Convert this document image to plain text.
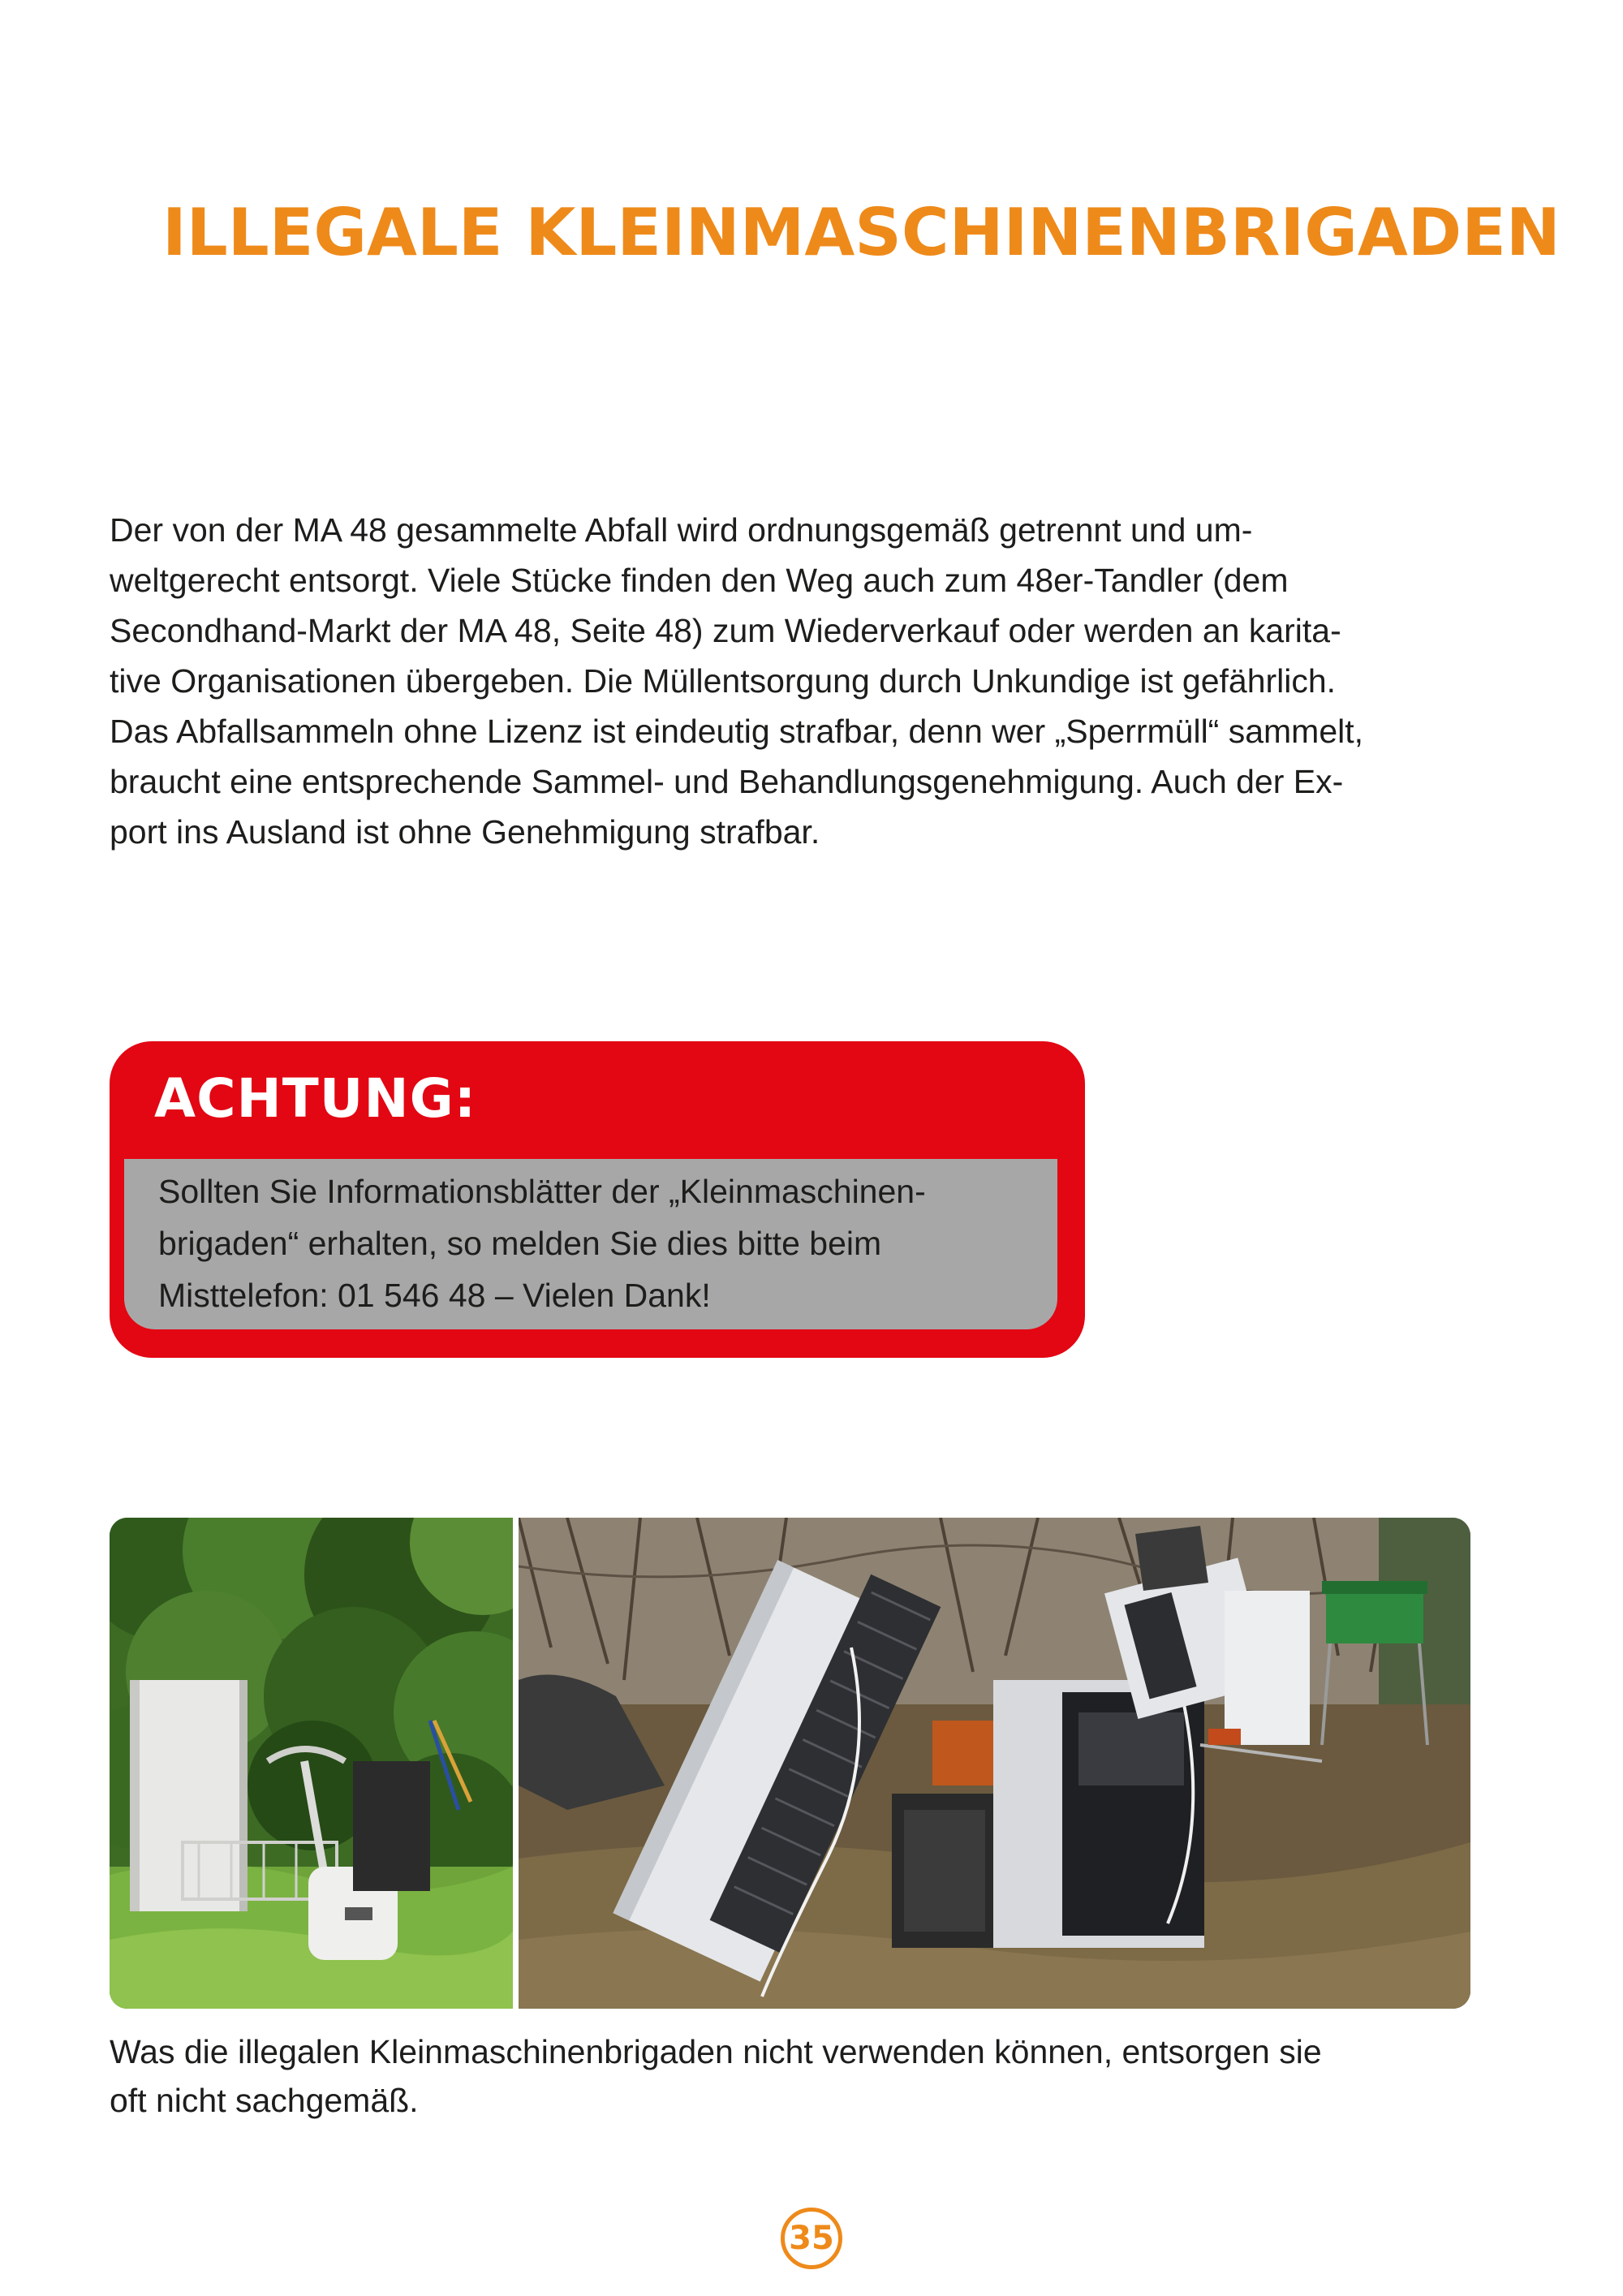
ILLEGALE KLEINMASCHINENBRIGADEN

Der von der MA 48 gesammelte Abfall wird ordnungsgemäß getrennt und um-
weltgerecht entsorgt. Viele Stücke finden den Weg auch zum 48er-Tandler (dem
Secondhand-Markt der MA 48, Seite 48) zum Wiederverkauf oder werden an karita-
tive Organisationen übergeben. Die Müllentsorgung durch Unkundige ist gefährlich.
Das Abfallsammeln ohne Lizenz ist eindeutig strafbar, denn wer „Sperrmüll“ sammelt,
braucht eine entsprechende Sammel- und Behandlungsgenehmigung. Auch der Ex-
port ins Ausland ist ohne Genehmigung strafbar.

ACHTUNG:
Sollten Sie Informationsblätter der „Kleinmaschinen-
brigaden“ erhalten, so melden Sie dies bitte beim
Misttelefon: 01 546 48 – Vielen Dank!

Was die illegalen Kleinmaschinenbrigaden nicht verwenden können, entsorgen sie
oft nicht sachgemäß.

35
